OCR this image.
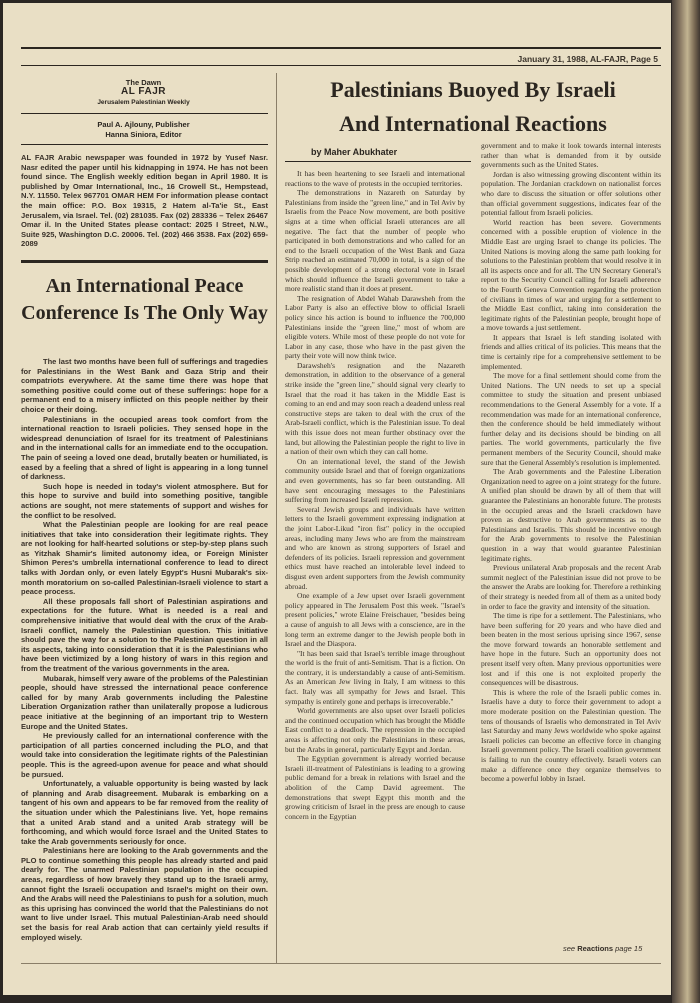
January 31, 1988, AL-FAJR, Page 5
The Dawn
AL FAJR
Jerusalem Palestinian Weekly
Paul A. Ajlouny, Publisher
Hanna Siniora, Editor
AL FAJR Arabic newspaper was founded in 1972 by Yusef Nasr. Nasr edited the paper until his kidnapping in 1974. He has not been found since. The English weekly edition began in April 1980. It is published by Omar International, Inc., 16 Crowell St., Hempstead, N.Y. 11550. Telex 967701 OMAR HEM For information please contact the main office: P.O. Box 19315, 2 Hatem al-Ta'ie St., East Jerusalem, via Israel. Tel. (02) 281035. Fax (02) 283336 – Telex 26467 Omar il. In the United States please contact: 2025 I Street, N.W., Suite 925, Washington D.C. 20006. Tel. (202) 466 3538. Fax (202) 659-2089
An International Peace Conference Is The Only Way

The last two months have been full of sufferings and tragedies for Palestinians in the West Bank and Gaza Strip and their compatriots everywhere. At the same time there was hope that something positive could come out of these sufferings: hope for a permanent end to a misery inflicted on this people neither by their choice or their doing.

Palestinians in the occupied areas took comfort from the international reaction to Israeli policies. They sensed hope in the widespread denunciation of Israel for its treatment of Palestinians and in the international calls for an immediate end to the occupation. The pain of seeing a loved one dead, brutally beaten or humiliated, is eased by a feeling that a shred of light is appearing in a long tunnel of darkness.

Such hope is needed in today's violent atmosphere. But for this hope to survive and build into something positive, tangible actions are sought, not mere statements of support and wishes for the conflict to be resolved.

What the Palestinian people are looking for are real peace initiatives that take into consideration their legitimate rights. They are not looking for half-hearted solutions or step-by-step plans such as Yitzhak Shamir's limited autonomy idea, or Foreign Minister Shimon Peres's umbrella international conference to lead to direct talks with Jordan only, or even lately Egypt's Husni Mubarak's six-month moratorium on so-called Palestinian-Israeli violence to start a peace process.

All these proposals fall short of Palestinian aspirations and expectations for the future. What is needed is a real and comprehensive initiative that would deal with the crux of the Arab-Israeli conflict, namely the Palestinian question. This initiative should pave the way for a solution to the Palestinian question in all its aspects, taking into consideration that it is the Palestinians who have been victimized by a long history of wars in this region and from the treatment of the various governments in the area.

Mubarak, himself very aware of the problems of the Palestinian people, should have stressed the international peace conference called for by many Arab governments including the Palestine Liberation Organization rather than unilaterally propose a ludicrous peace initiative at the beginning of an important trip to Western Europe and the United States.

He previously called for an international conference with the participation of all parties concerned including the PLO, and that would take into consideration the legitimate rights of the Palestinian people. This is the agreed-upon avenue for peace and what should be pursued.

Unfortunately, a valuable opportunity is being wasted by lack of planning and Arab disagreement. Mubarak is embarking on a tangent of his own and appears to be far removed from the reality of the situation under which the Palestinians live. Yet, hope remains that a united Arab stand and a united Arab strategy will be forthcoming, and which would force Israel and the United States to take the Arab governments seriously for once.

Palestinians here are looking to the Arab governments and the PLO to continue something this people has already started and paid dearly for. The unarmed Palestinian population in the occupied areas, regardless of how bravely they stand up to the Israeli army, cannot fight the Israeli occupation and Israel's might on their own. And the Arabs will need the Palestinians to push for a solution, much as this uprising has convinced the world that the Palestinians do not want to live under Israel. This mutual Palestinian-Arab need should set the basis for real Arab action that can certainly yield results if employed wisely.

Palestinians Buoyed By Israeli
And International Reactions
by Maher Abukhater

It has been heartening to see Israeli and international reactions to the wave of protests in the occupied territories.

The demonstrations in Nazareth on Saturday by Palestinians from inside the "green line," and in Tel Aviv by Israelis from the Peace Now movement, are both positive signs at a time when official Israeli utterances are all negative. The fact that the number of people who participated in both demonstrations and who called for an end to the Israeli occupation of the West Bank and Gaza Strip reached an estimated 70,000 in total, is a sign of the possible development of a strong electoral vote in Israel which should influence the Israeli government to take a more realistic stand than it does at present.

The resignation of Abdel Wahab Darawsheh from the Labor Party is also an effective blow to official Israeli policy since his action is bound to influence the 700,000 Palestinians inside the "green line," most of whom are eligible voters. While most of these people do not vote for Labor in any case, those who have in the past given the party their vote will now think twice.

Darawsheh's resignation and the Nazareth demonstration, in addition to the observance of a general strike inside the "green line," should signal very clearly to Israel that the road it has taken in the Middle East is coming to an end and may soon reach a deadend unless real constructive steps are taken to deal with the crux of the Arab-Israeli conflict, which is the Palestinian issue. To deal with this issue does not mean further obstinacy over the land, but allowing the Palestinian people the right to live in a nation of their own which they can call home.

On an international level, the stand of the Jewish community outside Israel and that of foreign organizations and even governments, has so far been outstanding. All have sent encouraging messages to the Palestinians suffering from increased Israeli repression.

Several Jewish groups and individuals have written letters to the Israeli government expressing indignation at the joint Labor-Likud "iron fist" policy in the occupied areas, including many Jews who are from the mainstream and who are known as strong supporters of Israel and defenders of its policies. Israeli repression and government ethics must have reached an intolerable level indeed to disgust even ardent supporters from the Jewish community abroad.

One example of a Jew upset over Israeli government policy appeared in The Jerusalem Post this week. "Israel's present policies," wrote Elaine Freischauer, "besides being a cause of anguish to all Jews with a conscience, are in the long term an extreme danger to the Jewish people both in Israel and the Diaspora.

"It has been said that Israel's terrible image throughout the world is the fruit of anti-Semitism. That is a fiction. On the contrary, it is understandably a cause of anti-Semitism. As an American Jew living in Italy, I am witness to this fact. Italy was all sympathy for Jews and Israel. This sympathy is entirely gone and perhaps is irrecoverable."

World governments are also upset over Israeli policies and the continued occupation which has brought the Middle East conflict to a deadlock. The repression in the occupied areas is affecting not only the Palestinians in these areas, but the Arabs in general, particularly Egypt and Jordan.

The Egyptian government is already worried because Israeli ill-treatment of Palestinians is leading to a growing public demand for a break in relations with Israel and the abolition of the Camp David agreement. The demonstrations that swept Egypt this month and the growing criticism of Israel in the press are enough to cause concern in the Egyptian

government and to make it look towards internal interests rather than what is demanded from it by outside governments such as the United States.

Jordan is also witnessing growing discontent within its population. The Jordanian crackdown on nationalist forces who dare to discuss the situation or offer solutions other than official government suggestions, indicates fear of the potential fallout from Israeli policies.

World reaction has been severe. Governments concerned with a possible eruption of violence in the Middle East are urging Israel to change its policies. The United Nations is moving along the same path looking for solutions to the Palestinian problem that would resolve it in all its aspects once and for all. The UN Secretary General's report to the Security Council calling for Israeli adherence to the Fourth Geneva Convention regarding the protection of civilians in times of war and urging for a settlement to the Middle East conflict, taking into consideration the legitimate rights of the Palestinian people, brought hope of a move towards a just settlement.

It appears that Israel is left standing isolated with friends and allies critical of its policies. This means that the time is certainly ripe for a comprehensive settlement to be implemented.

The move for a final settlement should come from the United Nations. The UN needs to set up a special committee to study the situation and present unbiased recommendations to the General Assembly for a vote. If a recommendation was made for an international conference, then the conference should be held immediately without further delay and its decisions should be binding on all parties. The world governments, particularly the five permanent members of the Security Council, should make sure that the General Assembly's resolution is implemented.

The Arab governments and the Palestine Liberation Organization need to agree on a joint strategy for the future. A unified plan should be drawn by all of them that will guarantee the Palestinians an honorable future. The protests in the occupied areas and the Israeli crackdown have proven as destructive to Arab governments as to the Palestinians and Israelis. This should be incentive enough for the Arab governments to resolve the Palestinian question in a way that would guarantee Palestinian legitimate rights.

Previous unilateral Arab proposals and the recent Arab summit neglect of the Palestinian issue did not prove to be the answer the Arabs are looking for. Therefore a rethinking of their strategy is needed from all of them as a united body in order to face the gravity and intensity of the situation.

The time is ripe for a settlement. The Palestinians, who have been suffering for 20 years and who have died and been beaten in the most serious uprising since 1967, sense the move forward towards an honorable settlement and have hope in the future. Such an opportunity does not present itself very often. Many previous opportunities were lost and if this one is not exploited properly the consequences will be disastrous.

This is where the role of the Israeli public comes in. Israelis have a duty to force their government to adopt a more moderate position on the Palestinian question. The tens of thousands of Israelis who demonstrated in Tel Aviv last Saturday and many Jews worldwide who spoke against Israeli policies can become an effective force in changing Israeli government policy. The Israeli coalition government is failing to run the country effectively. Israeli voters can make a difference once they organize themselves to become a powerful lobby in Israel.

see Reactions page 15
